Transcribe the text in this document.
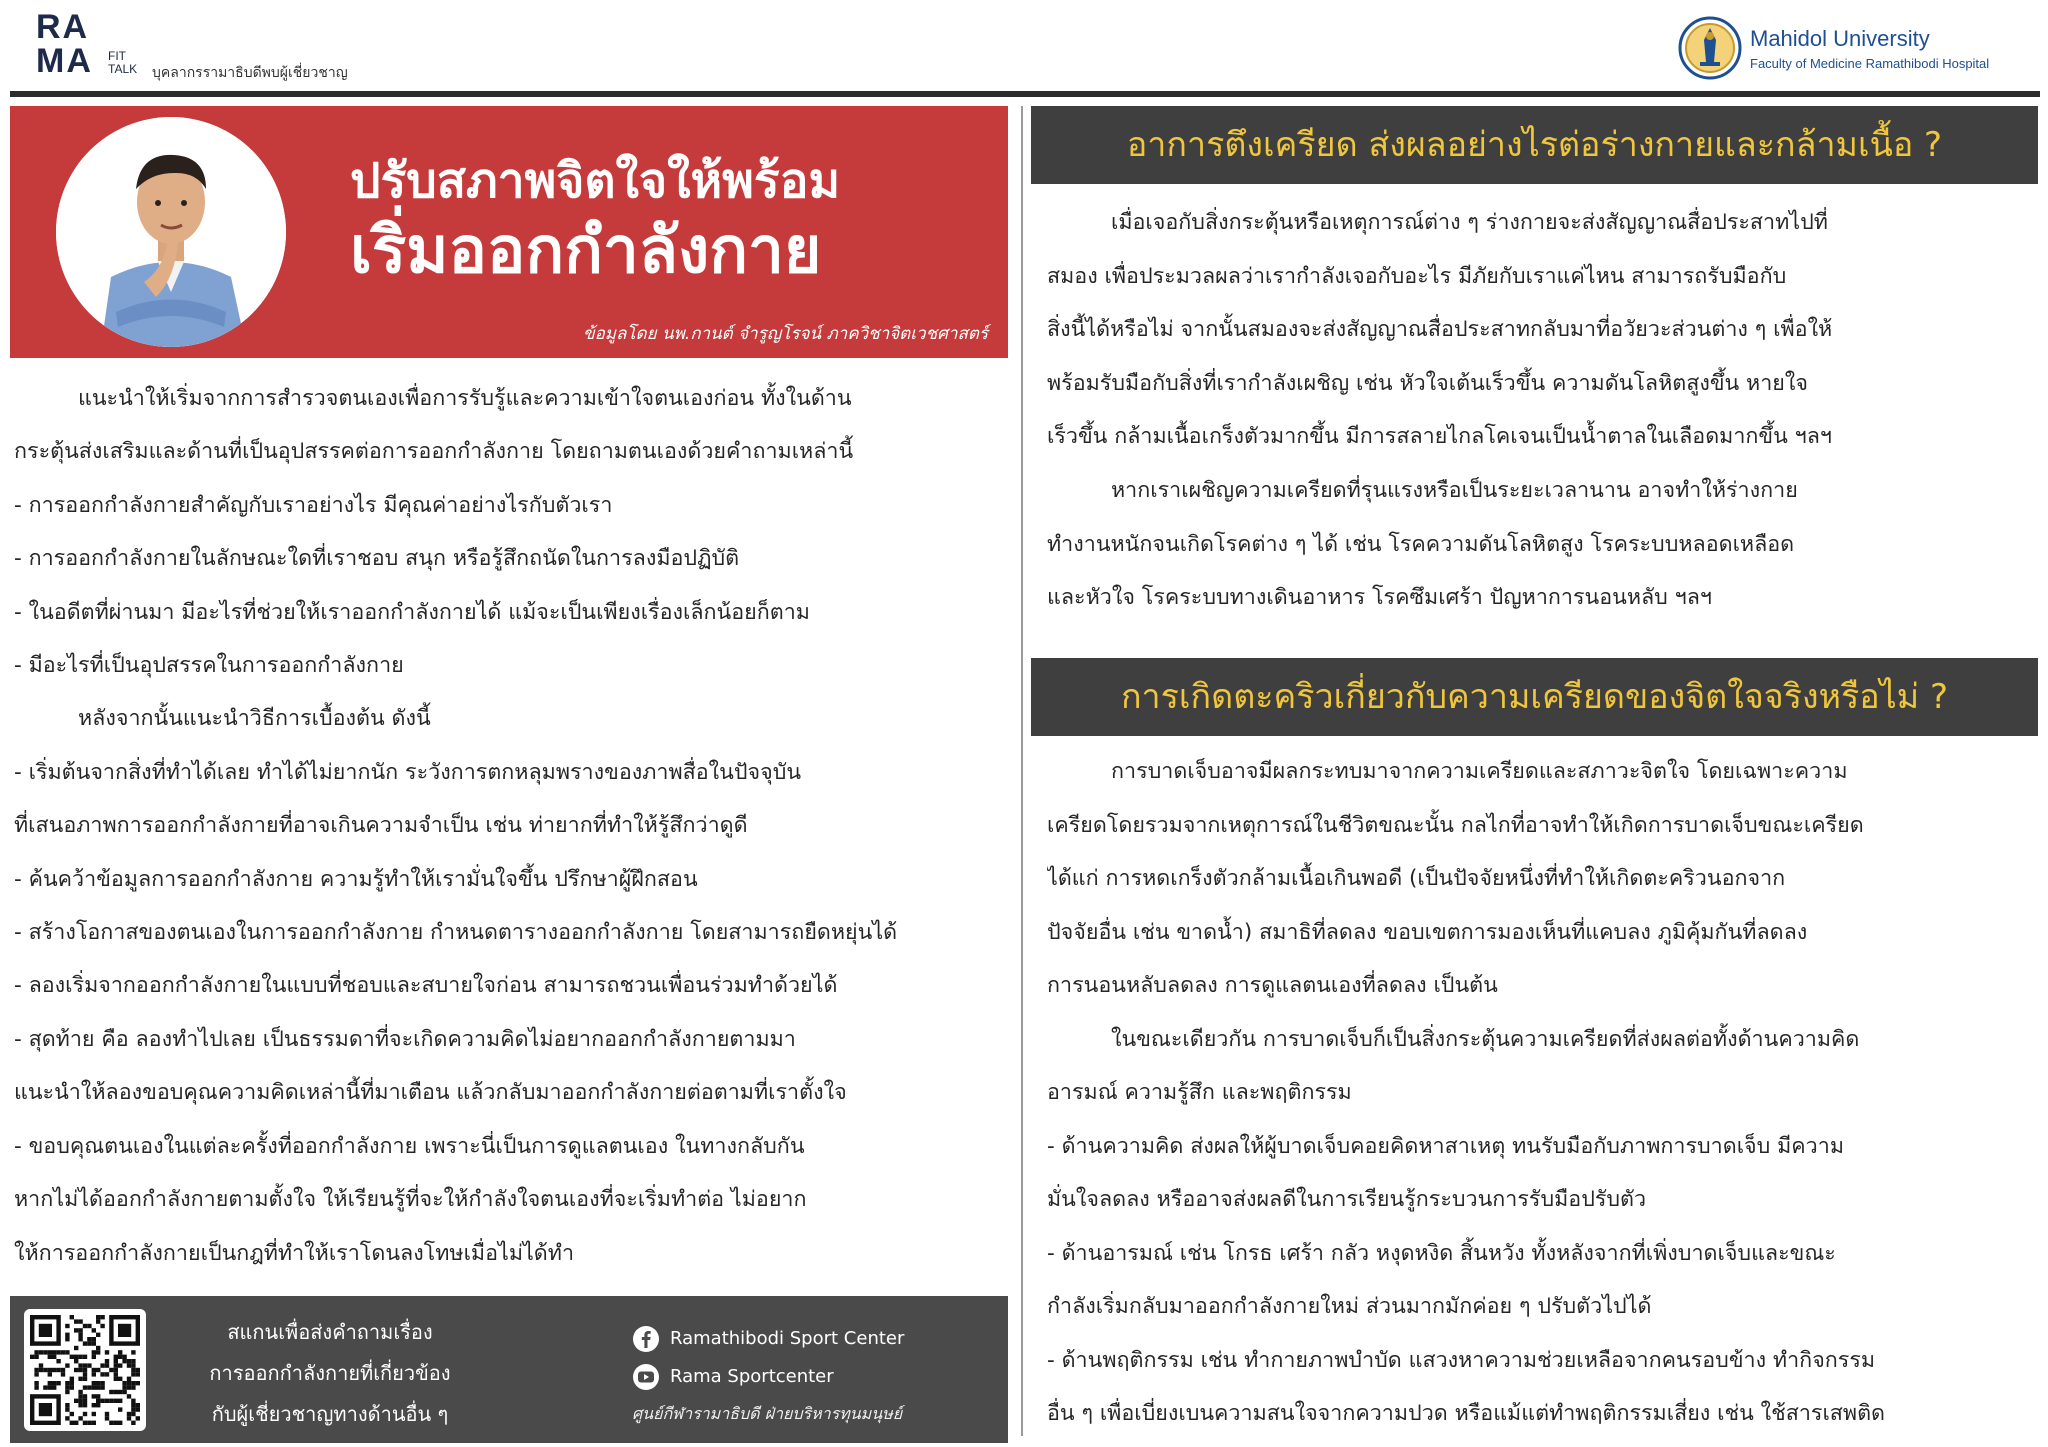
RA
MA FIT
TALK บุคลากรรามาธิบดีพบผู้เชี่ยวชาญ
Mahidol University
Faculty of Medicine Ramathibodi Hospital
ปรับสภาพจิตใจให้พร้อม
เริ่มออกกำลังกาย
ข้อมูลโดย นพ.กานต์ จำรูญโรจน์ ภาควิชาจิตเวชศาสตร์

แนะนำให้เริ่มจากการสำรวจตนเองเพื่อการรับรู้และความเข้าใจตนเองก่อน ทั้งในด้าน

กระตุ้นส่งเสริมและด้านที่เป็นอุปสรรคต่อการออกกำลังกาย โดยถามตนเองด้วยคำถามเหล่านี้

- การออกกำลังกายสำคัญกับเราอย่างไร มีคุณค่าอย่างไรกับตัวเรา

- การออกกำลังกายในลักษณะใดที่เราชอบ สนุก หรือรู้สึกถนัดในการลงมือปฏิบัติ

- ในอดีตที่ผ่านมา มีอะไรที่ช่วยให้เราออกกำลังกายได้ แม้จะเป็นเพียงเรื่องเล็กน้อยก็ตาม

- มีอะไรที่เป็นอุปสรรคในการออกกำลังกาย

หลังจากนั้นแนะนำวิธีการเบื้องต้น ดังนี้

- เริ่มต้นจากสิ่งที่ทำได้เลย ทำได้ไม่ยากนัก ระวังการตกหลุมพรางของภาพสื่อในปัจจุบัน

ที่เสนอภาพการออกกำลังกายที่อาจเกินความจำเป็น เช่น ท่ายากที่ทำให้รู้สึกว่าดูดี

- ค้นคว้าข้อมูลการออกกำลังกาย ความรู้ทำให้เรามั่นใจขึ้น ปรึกษาผู้ฝึกสอน

- สร้างโอกาสของตนเองในการออกกำลังกาย กำหนดตารางออกกำลังกาย โดยสามารถยืดหยุ่นได้

- ลองเริ่มจากออกกำลังกายในแบบที่ชอบและสบายใจก่อน สามารถชวนเพื่อนร่วมทำด้วยได้

- สุดท้าย คือ ลองทำไปเลย เป็นธรรมดาที่จะเกิดความคิดไม่อยากออกกำลังกายตามมา

แนะนำให้ลองขอบคุณความคิดเหล่านี้ที่มาเตือน แล้วกลับมาออกกำลังกายต่อตามที่เราตั้งใจ

- ขอบคุณตนเองในแต่ละครั้งที่ออกกำลังกาย เพราะนี่เป็นการดูแลตนเอง ในทางกลับกัน

หากไม่ได้ออกกำลังกายตามตั้งใจ ให้เรียนรู้ที่จะให้กำลังใจตนเองที่จะเริ่มทำต่อ ไม่อยาก

ให้การออกกำลังกายเป็นกฎที่ทำให้เราโดนลงโทษเมื่อไม่ได้ทำ

สแกนเพื่อส่งคำถามเรื่อง

การออกกำลังกายที่เกี่ยวข้อง

กับผู้เชี่ยวชาญทางด้านอื่น ๆ

Ramathibodi Sport Center
Rama Sportcenter
ศูนย์กีฬารามาธิบดี ฝ่ายบริหารทุนมนุษย์
อาการตึงเครียด ส่งผลอย่างไรต่อร่างกายและกล้ามเนื้อ ?

เมื่อเจอกับสิ่งกระตุ้นหรือเหตุการณ์ต่าง ๆ ร่างกายจะส่งสัญญาณสื่อประสาทไปที่

สมอง เพื่อประมวลผลว่าเรากำลังเจอกับอะไร มีภัยกับเราแค่ไหน สามารถรับมือกับ

สิ่งนี้ได้หรือไม่ จากนั้นสมองจะส่งสัญญาณสื่อประสาทกลับมาที่อวัยวะส่วนต่าง ๆ เพื่อให้

พร้อมรับมือกับสิ่งที่เรากำลังเผชิญ เช่น หัวใจเต้นเร็วขึ้น ความดันโลหิตสูงขึ้น หายใจ

เร็วขึ้น กล้ามเนื้อเกร็งตัวมากขึ้น มีการสลายไกลโคเจนเป็นน้ำตาลในเลือดมากขึ้น ฯลฯ

หากเราเผชิญความเครียดที่รุนแรงหรือเป็นระยะเวลานาน อาจทำให้ร่างกาย

ทำงานหนักจนเกิดโรคต่าง ๆ ได้ เช่น โรคความดันโลหิตสูง โรคระบบหลอดเหลือด

และหัวใจ โรคระบบทางเดินอาหาร โรคซึมเศร้า ปัญหาการนอนหลับ ฯลฯ

การเกิดตะคริวเกี่ยวกับความเครียดของจิตใจจริงหรือไม่ ?

การบาดเจ็บอาจมีผลกระทบมาจากความเครียดและสภาวะจิตใจ โดยเฉพาะความ

เครียดโดยรวมจากเหตุการณ์ในชีวิตขณะนั้น กลไกที่อาจทำให้เกิดการบาดเจ็บขณะเครียด

ได้แก่ การหดเกร็งตัวกล้ามเนื้อเกินพอดี (เป็นปัจจัยหนึ่งที่ทำให้เกิดตะคริวนอกจาก

ปัจจัยอื่น เช่น ขาดน้ำ) สมาธิที่ลดลง ขอบเขตการมองเห็นที่แคบลง ภูมิคุ้มกันที่ลดลง

การนอนหลับลดลง การดูแลตนเองที่ลดลง เป็นต้น

ในขณะเดียวกัน การบาดเจ็บก็เป็นสิ่งกระตุ้นความเครียดที่ส่งผลต่อทั้งด้านความคิด

อารมณ์ ความรู้สึก และพฤติกรรม

- ด้านความคิด ส่งผลให้ผู้บาดเจ็บคอยคิดหาสาเหตุ ทนรับมือกับภาพการบาดเจ็บ มีความ

มั่นใจลดลง หรืออาจส่งผลดีในการเรียนรู้กระบวนการรับมือปรับตัว

- ด้านอารมณ์ เช่น โกรธ เศร้า กลัว หงุดหงิด สิ้นหวัง ทั้งหลังจากที่เพิ่งบาดเจ็บและขณะ

กำลังเริ่มกลับมาออกกำลังกายใหม่ ส่วนมากมักค่อย ๆ ปรับตัวไปได้

- ด้านพฤติกรรม เช่น ทำกายภาพบำบัด แสวงหาความช่วยเหลือจากคนรอบข้าง ทำกิจกรรม

อื่น ๆ เพื่อเบี่ยงเบนความสนใจจากความปวด หรือแม้แต่ทำพฤติกรรมเสี่ยง เช่น ใช้สารเสพติด
